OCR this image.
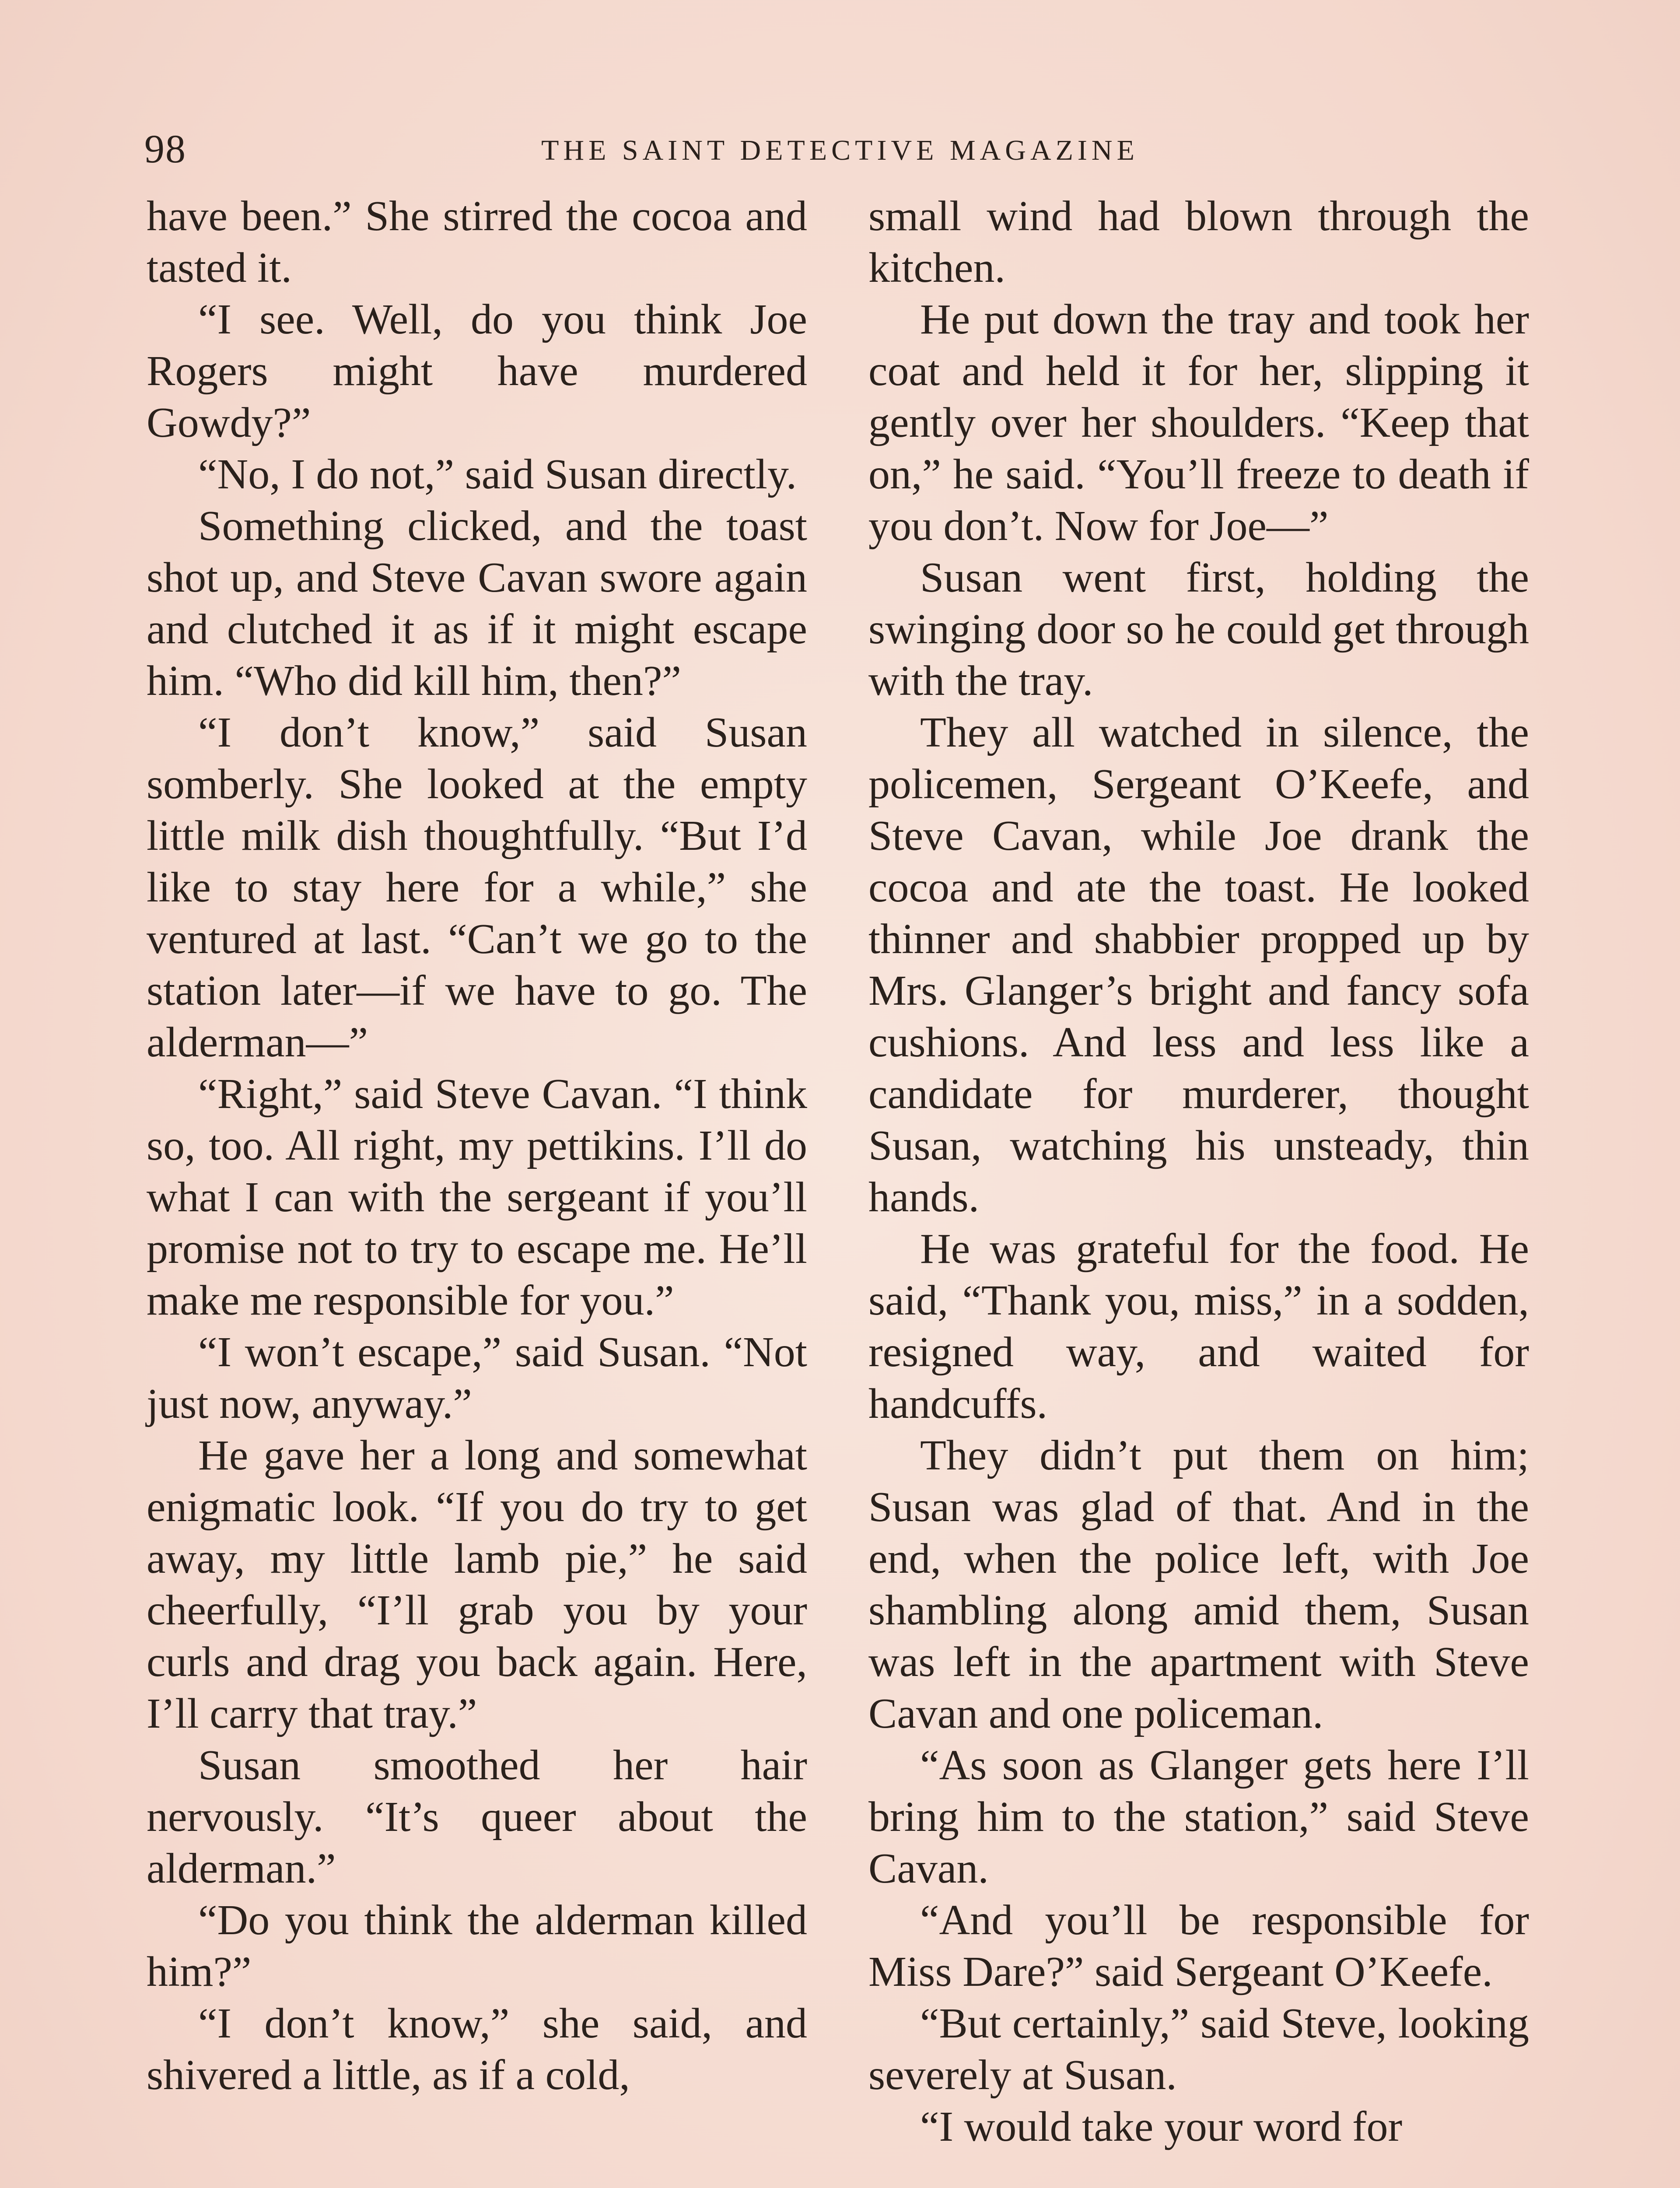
98	THE SAINT DETECTIVE MAGAZINE

have been.” She stirred the cocoa and tasted it.

“I see. Well, do you think Joe Rogers might have murdered Gowdy?”

“No, I do not,” said Susan directly.

Something clicked, and the toast shot up, and Steve Cavan swore again and clutched it as if it might escape him. “Who did kill him, then?”

“I don’t know,” said Susan somberly. She looked at the empty little milk dish thoughtfully. “But I’d like to stay here for a while,” she ventured at last. “Can’t we go to the station later—if we have to go. The alderman—”

“Right,” said Steve Cavan. “I think so, too. All right, my pettikins. I’ll do what I can with the sergeant if you’ll promise not to try to escape me. He’ll make me responsible for you.”

“I won’t escape,” said Susan. “Not just now, anyway.”

He gave her a long and somewhat enigmatic look. “If you do try to get away, my little lamb pie,” he said cheerfully, “I’ll grab you by your curls and drag you back again. Here, I’ll carry that tray.”

Susan smoothed her hair nervously. “It’s queer about the alderman.”

“Do you think the alderman killed him?”

“I don’t know,” she said, and shivered a little, as if a cold,

small wind had blown through the kitchen.

He put down the tray and took her coat and held it for her, slipping it gently over her shoulders. “Keep that on,” he said. “You’ll freeze to death if you don’t. Now for Joe—”

Susan went first, holding the swinging door so he could get through with the tray.

They all watched in silence, the policemen, Sergeant O’Keefe, and Steve Cavan, while Joe drank the cocoa and ate the toast. He looked thinner and shabbier propped up by Mrs. Glanger’s bright and fancy sofa cushions. And less and less like a candidate for murderer, thought Susan, watching his unsteady, thin hands.

He was grateful for the food. He said, “Thank you, miss,” in a sodden, resigned way, and waited for handcuffs.

They didn’t put them on him; Susan was glad of that. And in the end, when the police left, with Joe shambling along amid them, Susan was left in the apartment with Steve Cavan and one policeman.

“As soon as Glanger gets here I’ll bring him to the station,” said Steve Cavan.

“And you’ll be responsible for Miss Dare?” said Sergeant O’Keefe.

“But certainly,” said Steve, looking severely at Susan.

“I would take your word for
